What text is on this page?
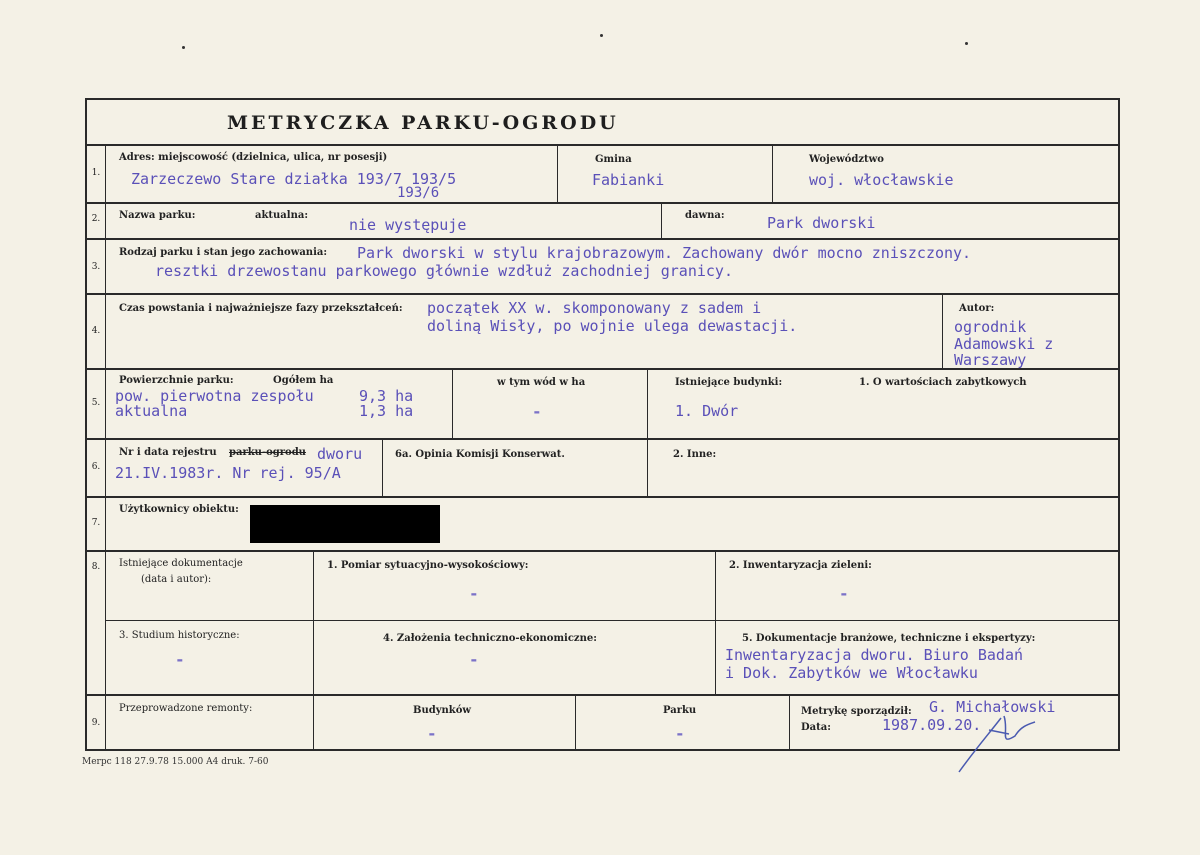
METRYCZKA PARKU-OGRODU
1.
Adres: miejscowość (dzielnica, ulica, nr posesji)
Zarzeczewo Stare działka 193/7 193/5
193/6
Gmina
Fabianki
Województwo
woj. włocławskie
2.	Nazwa parku:	aktualna:
nie występuje
dawna:	Park dworski
3.
Rodzaj parku i stan jego zachowania: Park dworski w stylu krajobrazowym. Zachowany dwór mocno zniszczony.
resztki drzewostanu parkowego głównie wzdłuż zachodniej granicy.
4.
Czas powstania i najważniejsze fazy przekształceń: początek XX w. skomponowany z sadem i
doliną Wisły, po wojnie ulega dewastacji.
Autor:
ogrodnik
Adamowski z
Warszawy
5.
Powierzchnie parku:	Ogółem ha
pow. pierwotna zespołu	9,3 ha
aktualna	1,3 ha
w tym wód w ha
-
Istniejące budynki:
1. Dwór
1. O wartościach zabytkowych
6.
Nr i data rejestru parku-ogrodu dworu
21.IV.1983r. Nr rej. 95/A
6a. Opinia Komisji Konserwat.	2. Inne:
7.
Użytkownicy obiektu:
8.	Istniejące dokumentacje
(data i autor):
1. Pomiar sytuacyjno-wysokościowy:
-
2. Inwentaryzacja zieleni:
-
3. Studium historyczne:
-
4. Założenia techniczno-ekonomiczne:
-
5. Dokumentacje branżowe, techniczne i ekspertyzy:
Inwentaryzacja dworu. Biuro Badań
i Dok. Zabytków we Włocławku
9.
Przeprowadzone remonty:	Budynków
-
Parku
-
Metrykę sporządził: G. Michałowski
Data:	1987.09.20.
Merpc 118 27.9.78 15.000 A4 druk. 7-60
